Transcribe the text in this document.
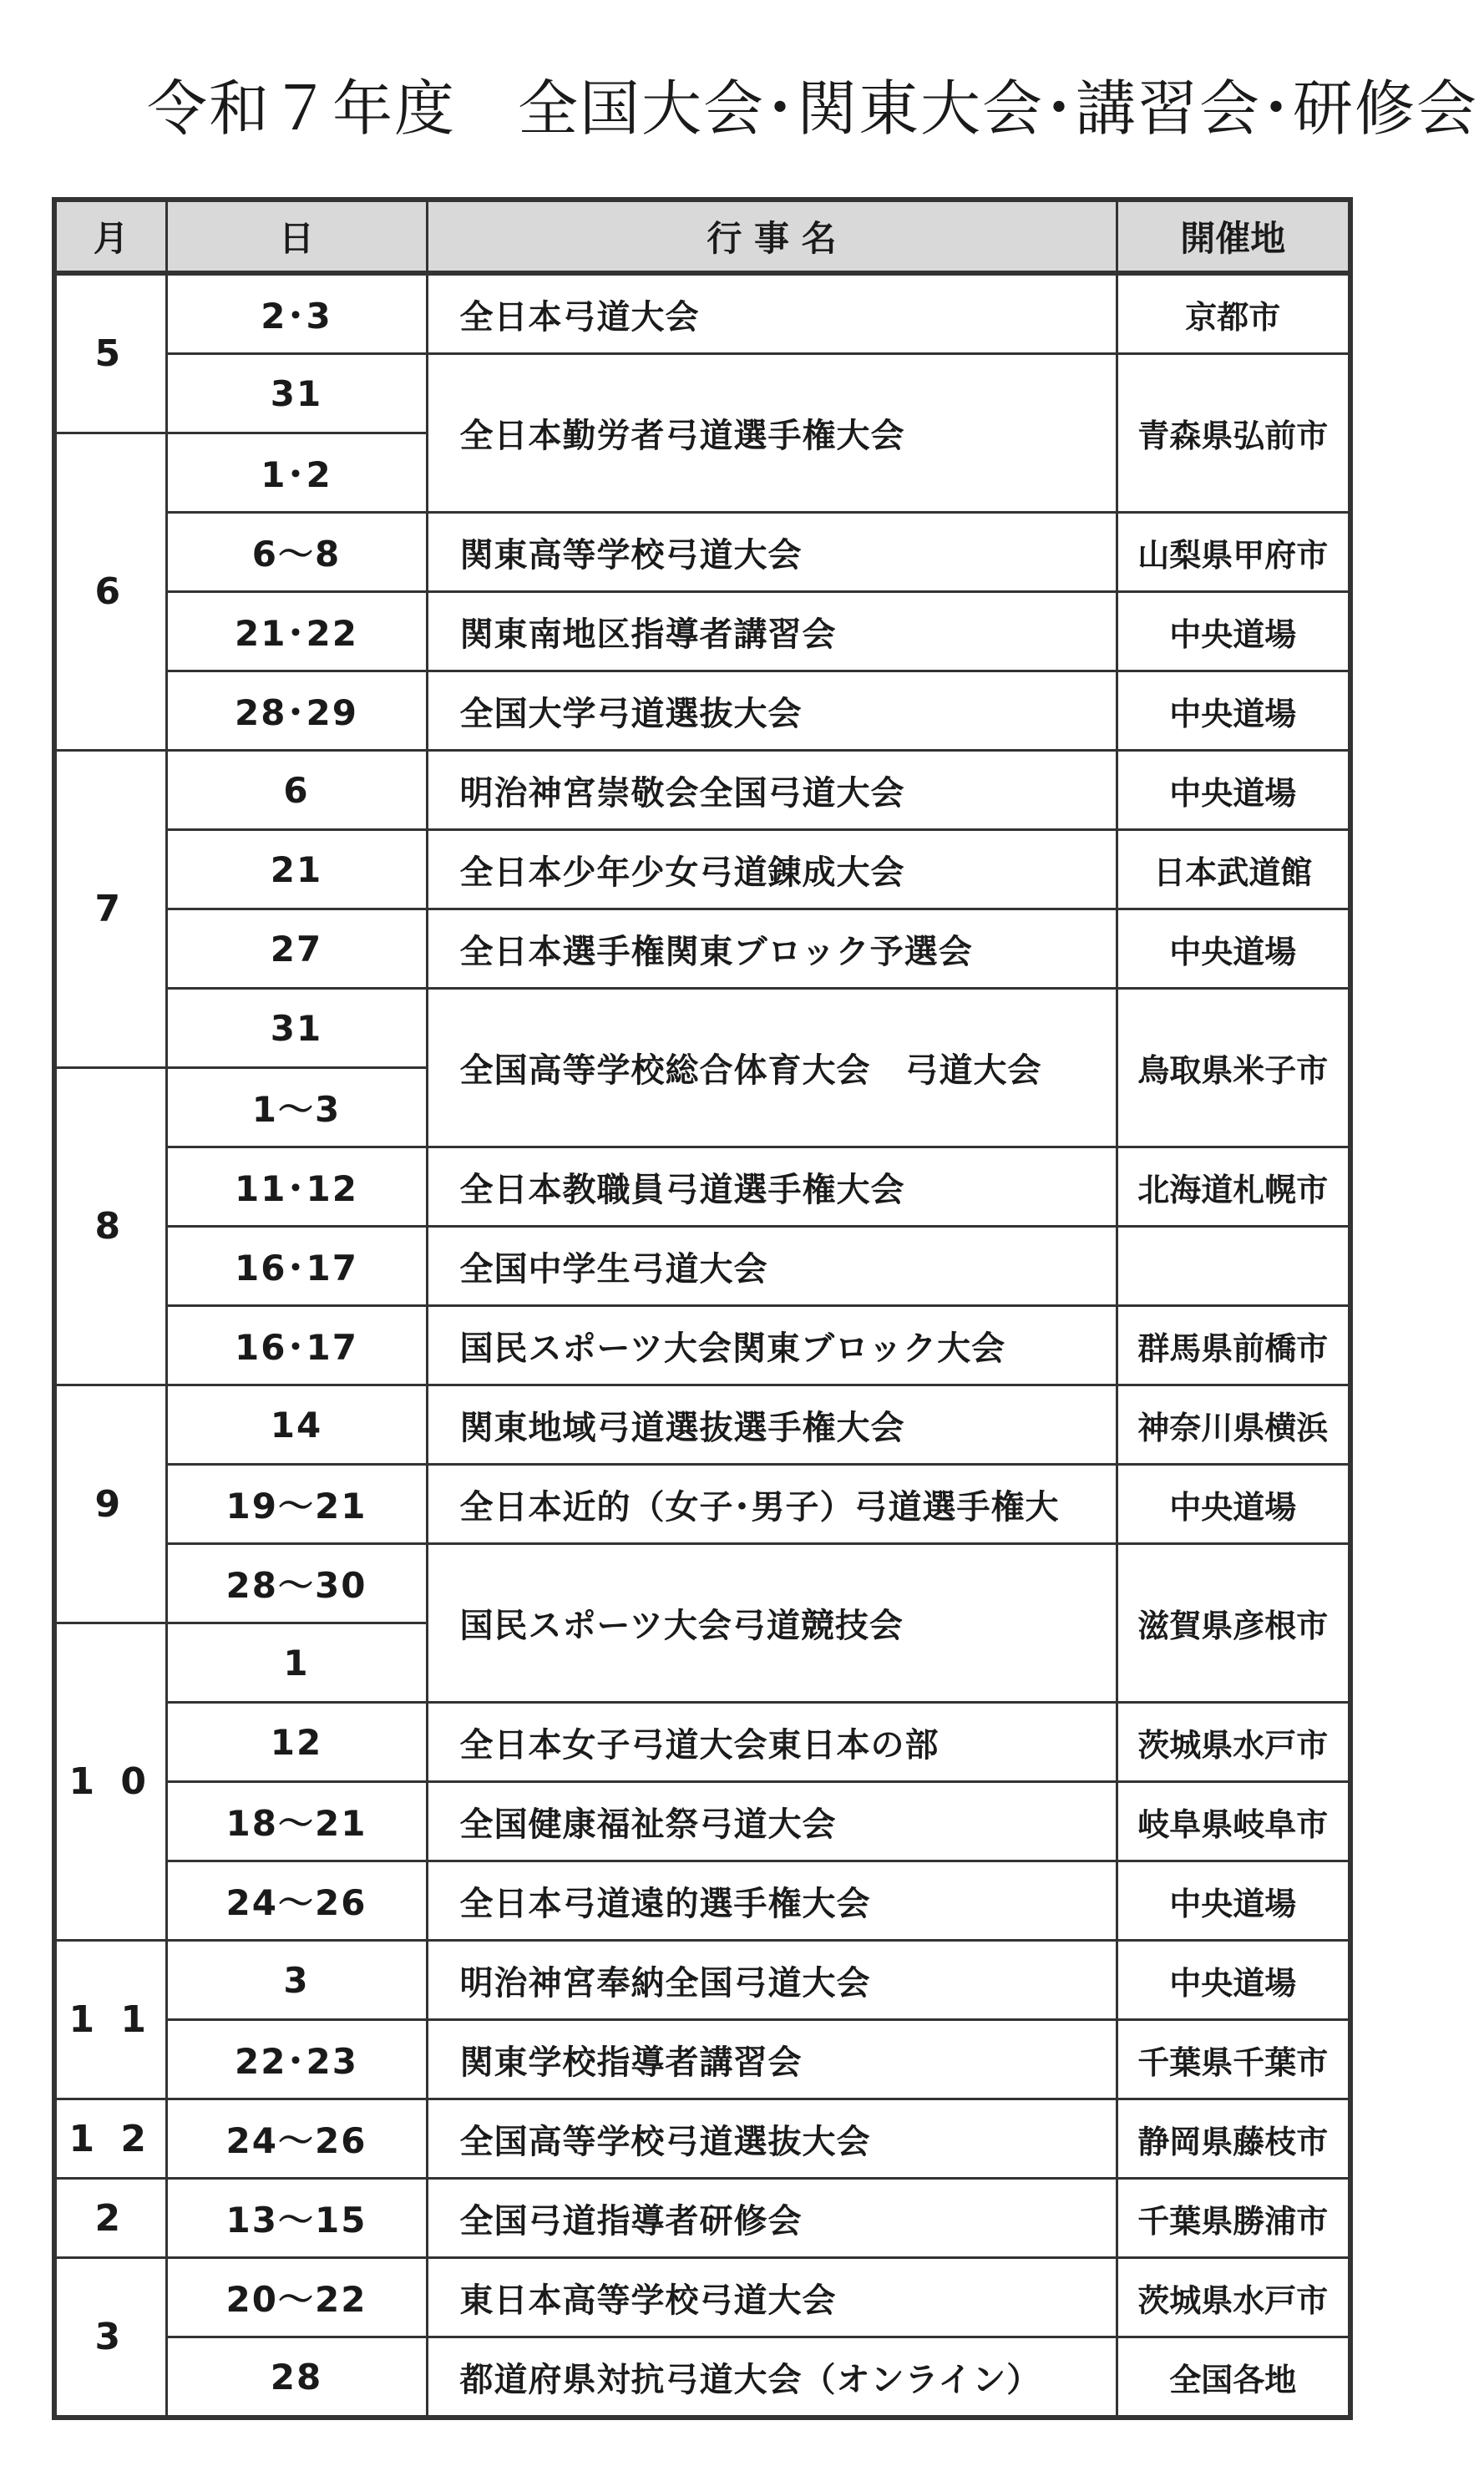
令和７年度　全国大会･関東大会･講習会･研修会
月	日	行 事 名	開催地
5	2･3	全日本弓道大会	京都市
	31	全日本勤労者弓道選手権大会	青森県弘前市
6	1･2		
	6～8	関東高等学校弓道大会	山梨県甲府市
	21･22	関東南地区指導者講習会	中央道場
	28･29	全国大学弓道選抜大会	中央道場
7	6	明治神宮崇敬会全国弓道大会	中央道場
	21	全日本少年少女弓道錬成大会	日本武道館
	27	全日本選手権関東ブロック予選会	中央道場
	31	全国高等学校総合体育大会　弓道大会	鳥取県米子市
8	1～3		
	11･12	全日本教職員弓道選手権大会	北海道札幌市
	16･17	全国中学生弓道大会	
	16･17	国民スポーツ大会関東ブロック大会	群馬県前橋市
9	14	関東地域弓道選抜選手権大会	神奈川県横浜
	19～21	全日本近的（女子･男子）弓道選手権大	中央道場
	28～30	国民スポーツ大会弓道競技会	滋賀県彦根市
1 0	1		
	12	全日本女子弓道大会東日本の部	茨城県水戸市
	18～21	全国健康福祉祭弓道大会	岐阜県岐阜市
	24～26	全日本弓道遠的選手権大会	中央道場
1 1	3	明治神宮奉納全国弓道大会	中央道場
	22･23	関東学校指導者講習会	千葉県千葉市
1 2	24～26	全国高等学校弓道選抜大会	静岡県藤枝市
2	13～15	全国弓道指導者研修会	千葉県勝浦市
3	20～22	東日本高等学校弓道大会	茨城県水戸市
	28	都道府県対抗弓道大会（オンライン）	全国各地
